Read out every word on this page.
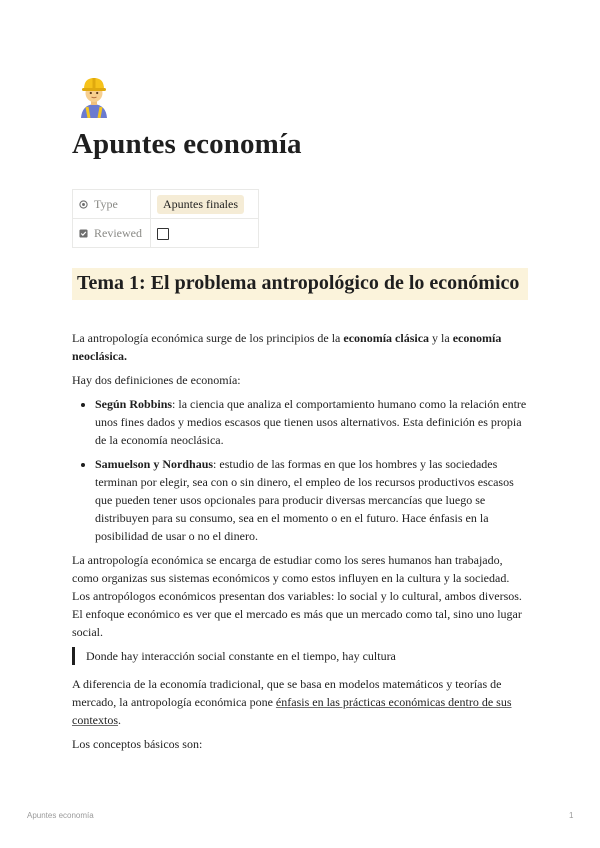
Apuntes economía
Type	Apuntes finales
Reviewed	
Tema 1: El problema antropológico de lo económico

La antropología económica surge de los principios de la economía clásica y la economía neoclásica.

Hay dos definiciones de economía:

• Según Robbins: la ciencia que analiza el comportamiento humano como la relación entre unos fines dados y medios escasos que tienen usos alternativos. Esta definición es propia de la economía neoclásica.
• Samuelson y Nordhaus: estudio de las formas en que los hombres y las sociedades terminan por elegir, sea con o sin dinero, el empleo de los recursos productivos escasos que pueden tener usos opcionales para producir diversas mercancías que luego se distribuyen para su consumo, sea en el momento o en el futuro. Hace énfasis en la posibilidad de usar o no el dinero.

La antropología económica se encarga de estudiar como los seres humanos han trabajado, como organizas sus sistemas económicos y como estos influyen en la cultura y la sociedad. Los antropólogos económicos presentan dos variables: lo social y lo cultural, ambos diversos. El enfoque económico es ver que el mercado es más que un mercado como tal, sino uno lugar social.

Donde hay interacción social constante en el tiempo, hay cultura

A diferencia de la economía tradicional, que se basa en modelos matemáticos y teorías de mercado, la antropología económica pone énfasis en las prácticas económicas dentro de sus contextos.

Los conceptos básicos son:

Apuntes economía	1
